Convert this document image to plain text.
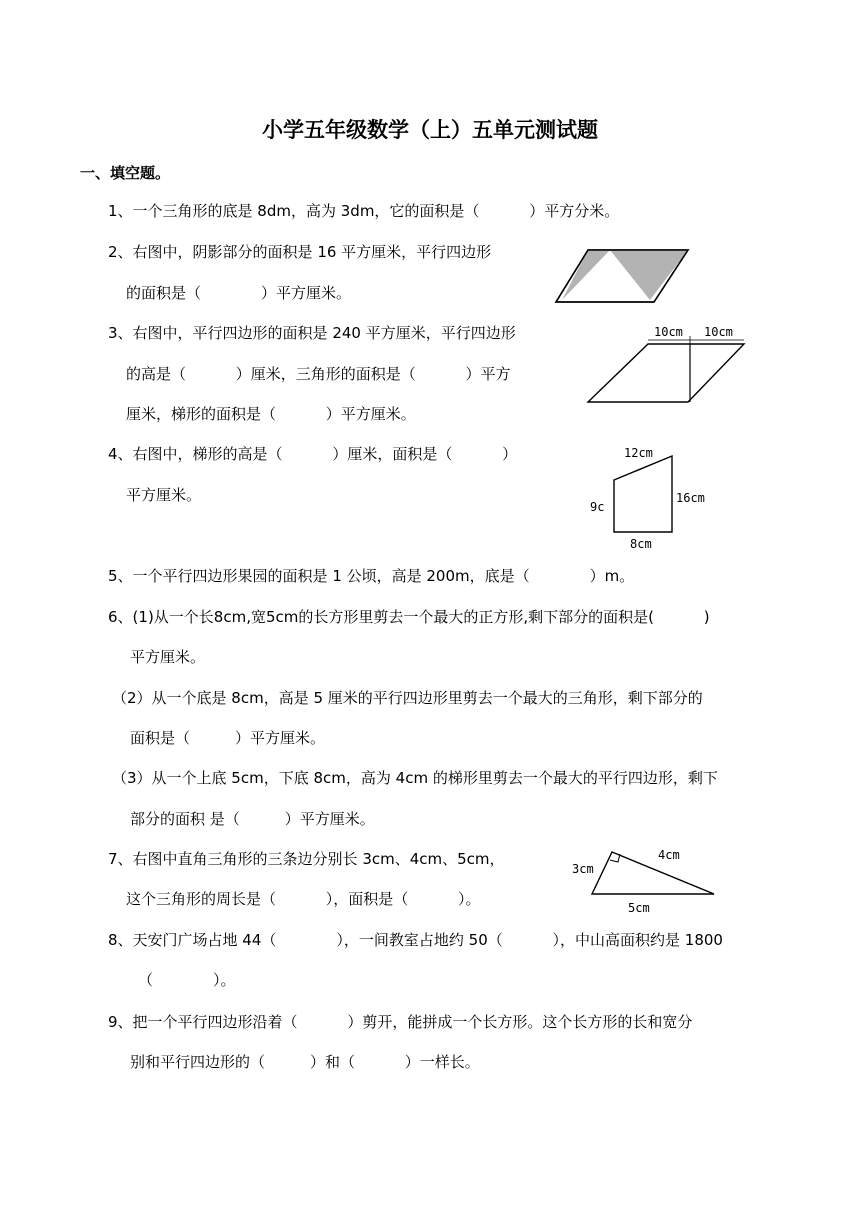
小学五年级数学（上）五单元测试题
一、填空题。
1、一个三角形的底是 8dm，高为 3dm，它的面积是（　　　 ）平方分米。
2、右图中，阴影部分的面积是 16 平方厘米，平行四边形
的面积是（　　　　）平方厘米。
3、右图中，平行四边形的面积是 240 平方厘米，平行四边形
的高是（　　　 ）厘米，三角形的面积是（　　　 ）平方
厘米，梯形的面积是（　　　 ）平方厘米。
4、右图中，梯形的高是（　　　 ）厘米，面积是（　　　 ）
平方厘米。
5、一个平行四边形果园的面积是 1 公顷，高是 200m，底是（　　　　）m。
6、(1)从一个长8cm,宽5cm的长方形里剪去一个最大的正方形,剩下部分的面积是(　　　 )
平方厘米。
（2）从一个底是 8cm，高是 5 厘米的平行四边形里剪去一个最大的三角形，剩下部分的
面积是（　　　）平方厘米。
（3）从一个上底 5cm，下底 8cm，高为 4cm 的梯形里剪去一个最大的平行四边形，剩下
部分的面积 是（　　　）平方厘米。
7、右图中直角三角形的三条边分别长 3cm、4cm、5cm，
这个三角形的周长是（　　　 ），面积是（　　　 ）。
8、天安门广场占地 44（　　　　），一间教室占地约 50（　　　 ），中山高面积约是 1800
（　　　　）。
9、把一个平行四边形沿着（　　　 ）剪开，能拼成一个长方形。这个长方形的长和宽分
别和平行四边形的（　　　）和（　　　 ）一样长。
10cm 10cm
12cm
9c
16cm
8cm
3cm
4cm
5cm
